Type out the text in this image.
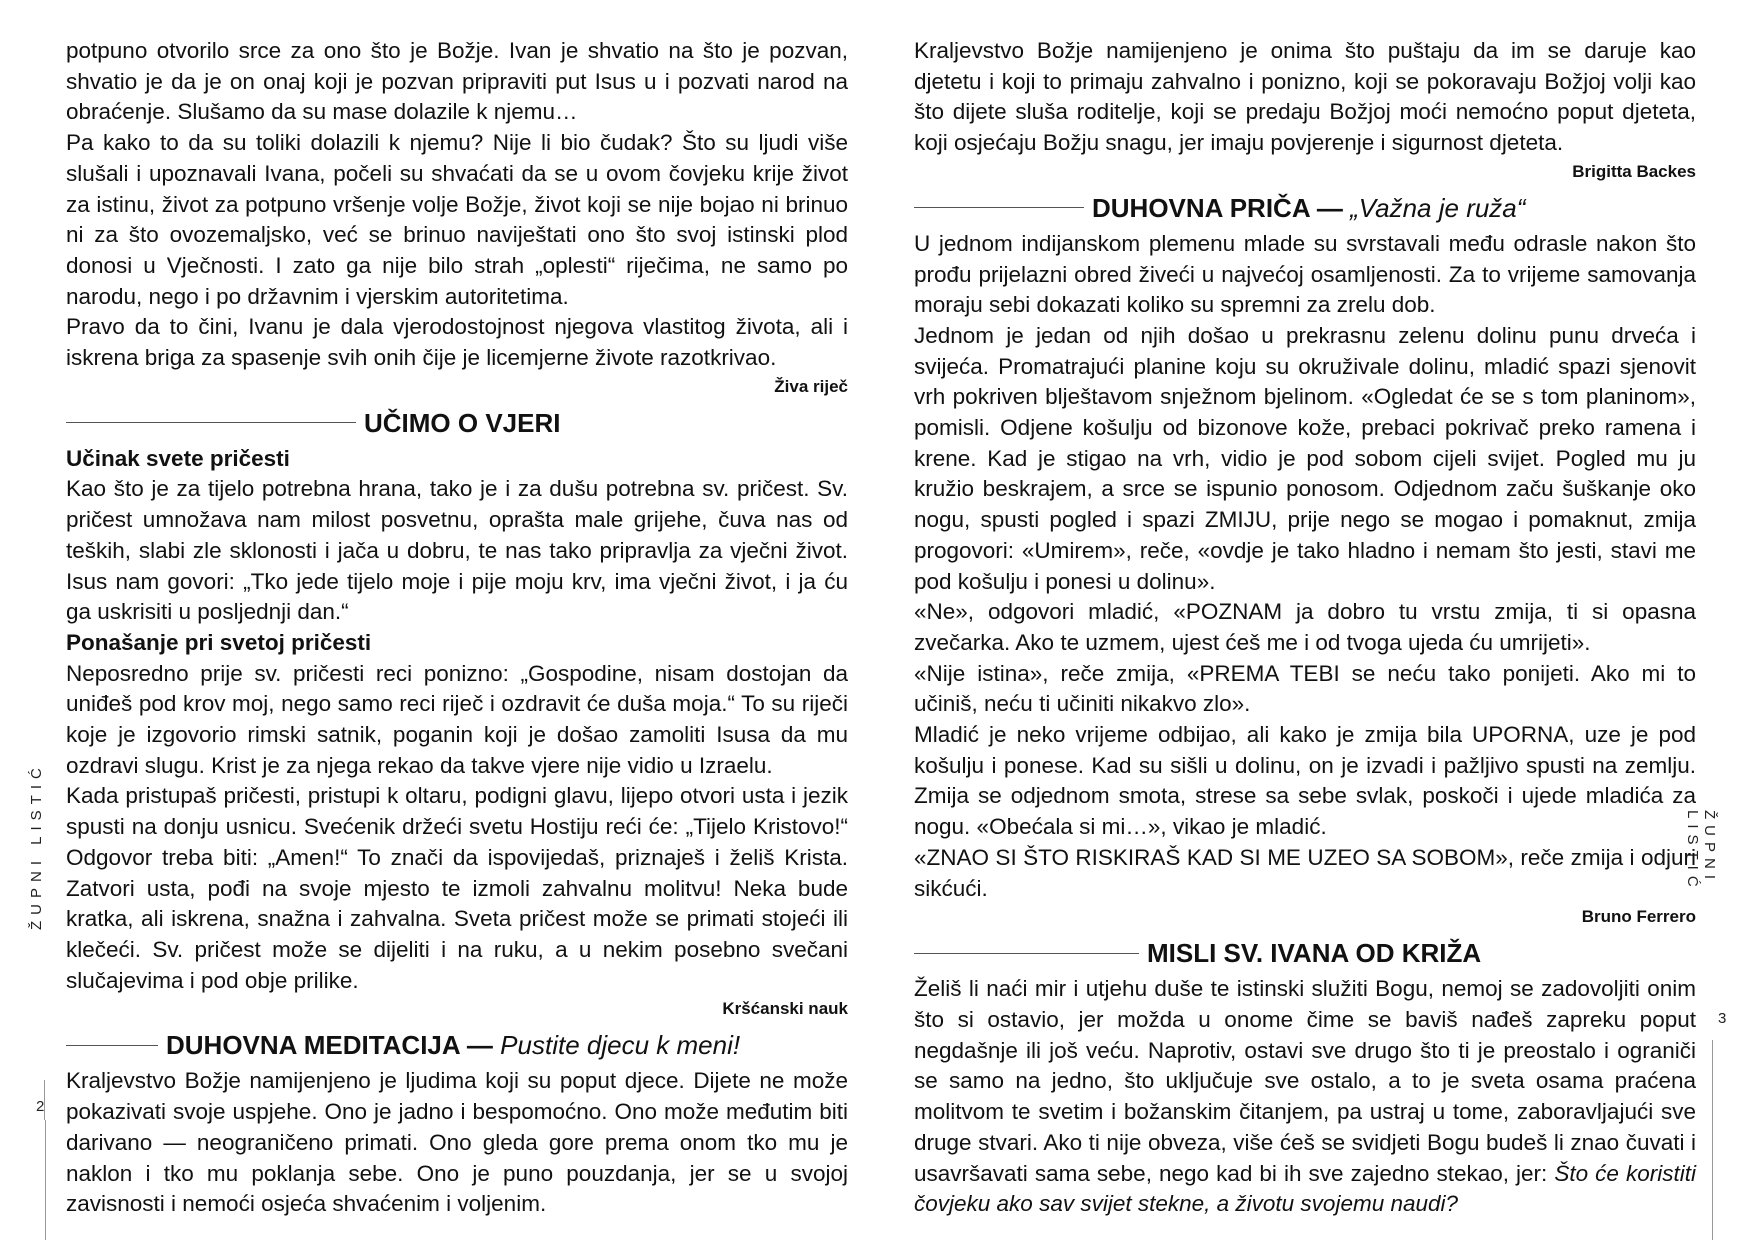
ŽUPNI LISTIĆ
2
ŽUPNI LISTIĆ
3

potpuno otvorilo srce za ono što je Božje. Ivan je shvatio na što je pozvan, shvatio je da je on onaj koji je pozvan pripraviti put Isus u i pozvati narod na obraćenje. Slušamo da su mase dolazile k njemu…

Pa kako to da su toliki dolazili k njemu? Nije li bio čudak? Što su ljudi više slušali i upoznavali Ivana, počeli su shvaćati da se u ovom čovjeku krije život za istinu, život za potpuno vršenje volje Božje, život koji se nije bojao ni brinuo ni za što ovozemaljsko, već se brinuo naviještati ono što svoj istinski plod donosi u Vječnosti. I zato ga nije bilo strah „oplesti“ riječima, ne samo po narodu, nego i po državnim i vjerskim autoritetima.

Pravo da to čini, Ivanu je dala vjerodostojnost njegova vlastitog života, ali i iskrena briga za spasenje svih onih čije je licemjerne živote razotkrivao.

Živa riječ

UČIMO O VJERI

Učinak svete pričesti

Kao što je za tijelo potrebna hrana, tako je i za dušu potrebna sv. pričest. Sv. pričest umnožava nam milost posvetnu, oprašta male grijehe, čuva nas od teških, slabi zle sklonosti i jača u dobru, te nas tako pripravlja za vječni život. Isus nam govori: „Tko jede tijelo moje i pije moju krv, ima vječni život, i ja ću ga uskrisiti u posljednji dan.“

Ponašanje pri svetoj pričesti

Neposredno prije sv. pričesti reci ponizno: „Gospodine, nisam dostojan da uniđeš pod krov moj, nego samo reci riječ i ozdravit će duša moja.“ To su riječi koje je izgovorio rimski satnik, poganin koji je došao zamoliti Isusa da mu ozdravi slugu. Krist je za njega rekao da takve vjere nije vidio u Izraelu.

Kada pristupaš pričesti, pristupi k oltaru, podigni glavu, lijepo otvori usta i jezik spusti na donju usnicu. Svećenik držeći svetu Hostiju reći će: „Tijelo Kristovo!“ Odgovor treba biti: „Amen!“ To znači da ispovijedaš, priznaješ i želiš Krista. Zatvori usta, pođi na svoje mjesto te izmoli zahvalnu molitvu! Neka bude kratka, ali iskrena, snažna i zahvalna. Sveta pričest može se primati stojeći ili klečeći. Sv. pričest može se dijeliti i na ruku, a u nekim posebno svečani slučajevima i pod obje prilike.

Kršćanski nauk

DUHOVNA MEDITACIJA — Pustite djecu k meni!

Kraljevstvo Božje namijenjeno je ljudima koji su poput djece. Dijete ne može pokazivati svoje uspjehe. Ono je jadno i bespomoćno. Ono može međutim biti darivano — neograničeno primati. Ono gleda gore prema onom tko mu je naklon i tko mu poklanja sebe. Ono je puno pouzdanja, jer se u svojoj zavisnosti i nemoći osjeća shvaćenim i voljenim.

Kraljevstvo Božje namijenjeno je onima što puštaju da im se daruje kao djetetu i koji to primaju zahvalno i ponizno, koji se pokoravaju Božjoj volji kao što dijete sluša roditelje, koji se predaju Božjoj moći nemoćno poput djeteta, koji osjećaju Božju snagu, jer imaju povjerenje i sigurnost djeteta.

Brigitta Backes

DUHOVNA PRIČA — „Važna je ruža“

U jednom indijanskom plemenu mlade su svrstavali među odrasle nakon što prođu prijelazni obred živeći u najvećoj osamljenosti. Za to vrijeme samovanja moraju sebi dokazati koliko su spremni za zrelu dob.

Jednom je jedan od njih došao u prekrasnu zelenu dolinu punu drveća i svijeća. Promatrajući planine koju su okruživale dolinu, mladić spazi sjenovit vrh pokriven blještavom snježnom bjelinom. «Ogledat će se s tom planinom», pomisli. Odjene košulju od bizonove kože, prebaci pokrivač preko ramena i krene. Kad je stigao na vrh, vidio je pod sobom cijeli svijet. Pogled mu ju kružio beskrajem, a srce se ispunio ponosom. Odjednom začu šuškanje oko nogu, spusti pogled i spazi ZMIJU, prije nego se mogao i pomaknut, zmija progovori: «Umirem», reče, «ovdje je tako hladno i nemam što jesti, stavi me pod košulju i ponesi u dolinu».

«Ne», odgovori mladić, «POZNAM ja dobro tu vrstu zmija, ti si opasna zvečarka. Ako te uzmem, ujest ćeš me i od tvoga ujeda ću umrijeti».

«Nije istina», reče zmija, «PREMA TEBI se neću tako ponijeti. Ako mi to učiniš, neću ti učiniti nikakvo zlo».

Mladić je neko vrijeme odbijao, ali kako je zmija bila UPORNA, uze je pod košulju i ponese. Kad su sišli u dolinu, on je izvadi i pažljivo spusti na zemlju. Zmija se odjednom smota, strese sa sebe svlak, poskoči i ujede mladića za nogu. «Obećala si mi…», vikao je mladić.

«ZNAO SI ŠTO RISKIRAŠ KAD SI ME UZEO SA SOBOM», reče zmija i odjuri sikćući.

Bruno Ferrero

MISLI SV. IVANA OD KRIŽA

Želiš li naći mir i utjehu duše te istinski služiti Bogu, nemoj se zadovoljiti onim što si ostavio, jer možda u onome čime se baviš nađeš zapreku poput negdašnje ili još veću. Naprotiv, ostavi sve drugo što ti je preostalo i ograniči se samo na jedno, što uključuje sve ostalo, a to je sveta osama praćena molitvom te svetim i božanskim čitanjem, pa ustraj u tome, zaboravljajući sve druge stvari. Ako ti nije obveza, više ćeš se svidjeti Bogu budeš li znao čuvati i usavršavati sama sebe, nego kad bi ih sve zajedno stekao, jer: Što će koristiti čovjeku ako sav svijet stekne, a životu svojemu naudi?
